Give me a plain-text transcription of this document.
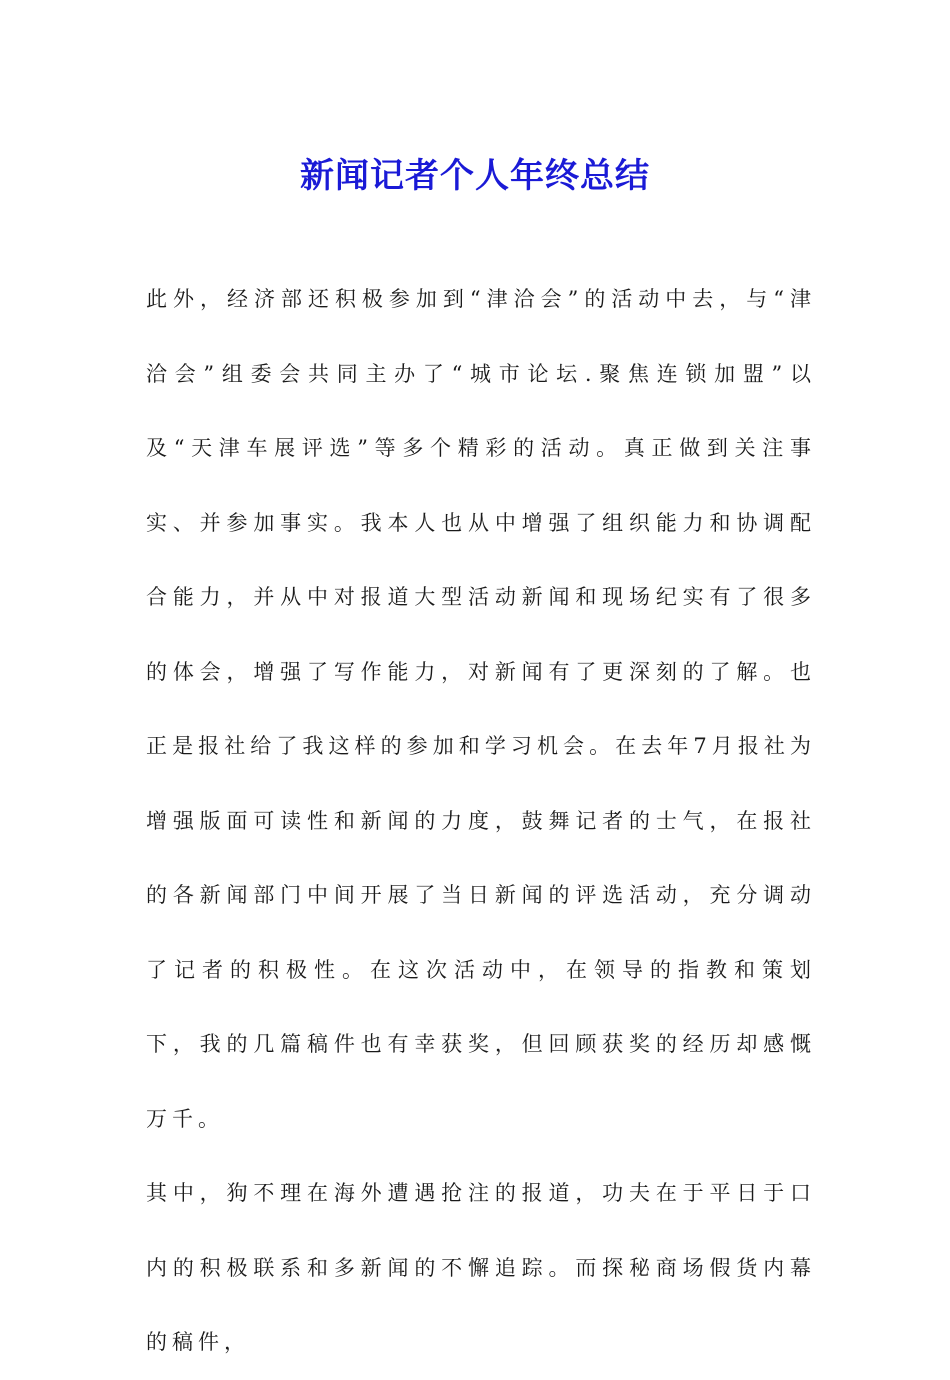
新闻记者个人年终总结

此外，经济部还积极参加到“津洽会”的活动中去，与“津洽会”组委会共同主办了“城市论坛.聚焦连锁加盟”以及“天津车展评选”等多个精彩的活动。真正做到关注事实、并参加事实。我本人也从中增强了组织能力和协调配合能力，并从中对报道大型活动新闻和现场纪实有了很多的体会，增强了写作能力，对新闻有了更深刻的了解。也正是报社给了我这样的参加和学习机会。在去年7月报社为增强版面可读性和新闻的力度，鼓舞记者的士气，在报社的各新闻部门中间开展了当日新闻的评选活动，充分调动了记者的积极性。在这次活动中，在领导的指教和策划下，我的几篇稿件也有幸获奖，但回顾获奖的经历却感慨万千。

其中，狗不理在海外遭遇抢注的报道，功夫在于平日于口内的积极联系和多新闻的不懈追踪。而探秘商场假货内幕的稿件，
